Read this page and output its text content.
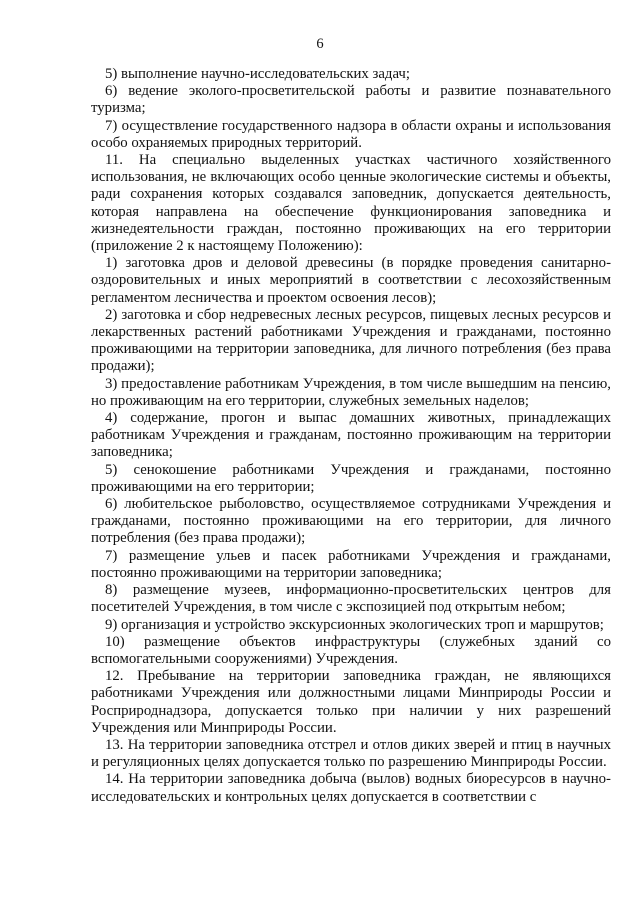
6

5) выполнение научно-исследовательских задач;

6) ведение эколого-просветительской работы и развитие познавательного туризма;

7) осуществление государственного надзора в области охраны и использования особо охраняемых природных территорий.

11. На специально выделенных участках частичного хозяйственного использования, не включающих особо ценные экологические системы и объекты, ради сохранения которых создавался заповедник, допускается деятельность, которая направлена на обеспечение функционирования заповедника и жизнедеятельности граждан, постоянно проживающих на его территории (приложение 2 к настоящему Положению):

1) заготовка дров и деловой древесины (в порядке проведения санитарно-оздоровительных и иных мероприятий в соответствии с лесохозяйственным регламентом лесничества и проектом освоения лесов);

2) заготовка и сбор недревесных лесных ресурсов, пищевых лесных ресурсов и лекарственных растений работниками Учреждения и гражданами, постоянно проживающими на территории заповедника, для личного потребления (без права продажи);

3) предоставление работникам Учреждения, в том числе вышедшим на пенсию, но проживающим на его территории, служебных земельных наделов;

4) содержание, прогон и выпас домашних животных, принадлежащих работникам Учреждения и гражданам, постоянно проживающим на территории заповедника;

5) сенокошение работниками Учреждения и гражданами, постоянно проживающими на его территории;

6) любительское рыболовство, осуществляемое сотрудниками Учреждения и гражданами, постоянно проживающими на его территории, для личного потребления (без права продажи);

7) размещение ульев и пасек работниками Учреждения и гражданами, постоянно проживающими на территории заповедника;

8) размещение музеев, информационно-просветительских центров для посетителей Учреждения, в том числе с экспозицией под открытым небом;

9) организация и устройство экскурсионных экологических троп и маршрутов;

10) размещение объектов инфраструктуры (служебных зданий со вспомогательными сооружениями) Учреждения.

12. Пребывание на территории заповедника граждан, не являющихся работниками Учреждения или должностными лицами Минприроды России и Росприроднадзора, допускается только при наличии у них разрешений Учреждения или Минприроды России.

13. На территории заповедника отстрел и отлов диких зверей и птиц в научных и регуляционных целях допускается только по разрешению Минприроды России.

14. На территории заповедника добыча (вылов) водных биоресурсов в научно-исследовательских и контрольных целях допускается в соответствии с
